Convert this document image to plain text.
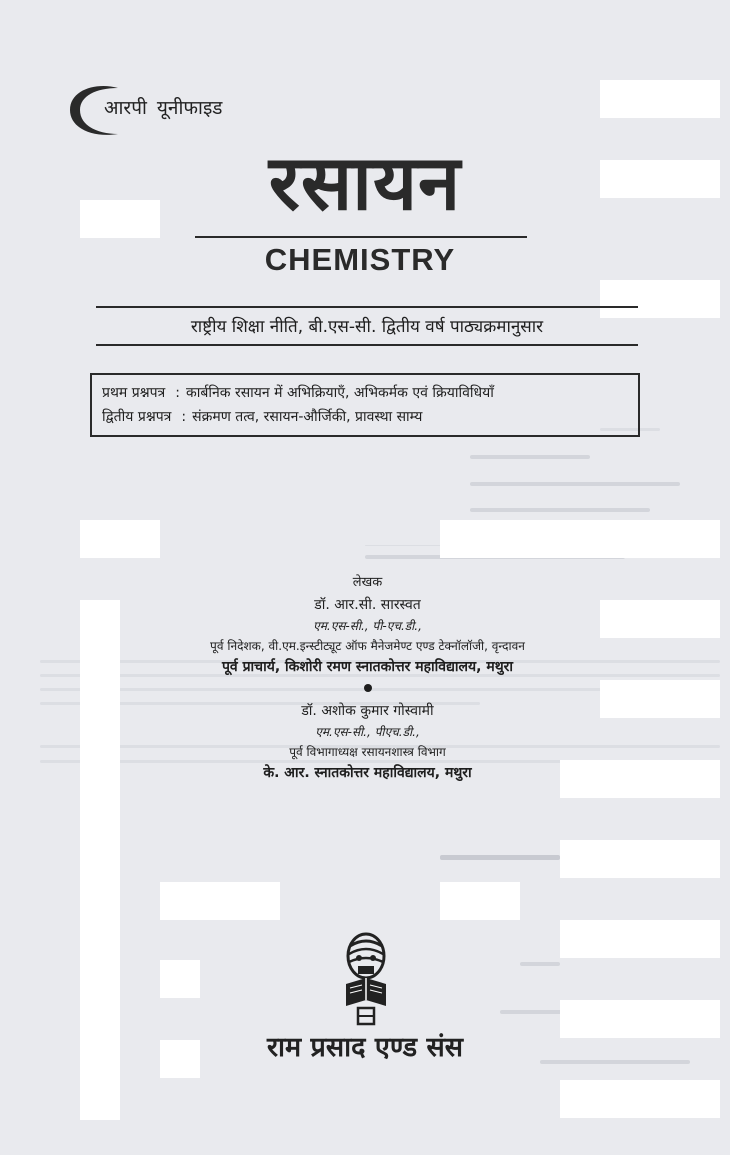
आरपी यूनीफाइड
रसायन
CHEMISTRY
राष्ट्रीय शिक्षा नीति, बी.एस-सी. द्वितीय वर्ष पाठ्यक्रमानुसार
प्रथम प्रश्नपत्र : कार्बनिक रसायन में अभिक्रियाएँ, अभिकर्मक एवं क्रियाविधियाँ
द्वितीय प्रश्नपत्र : संक्रमण तत्व, रसायन-और्जिकी, प्रावस्था साम्य
लेखक
डॉ. आर.सी. सारस्वत
एम.एस-सी., पी-एच.डी.,
पूर्व निदेशक, वी.एम.इन्स्टीट्यूट ऑफ मैनेजमेण्ट एण्ड टेक्नॉलॉजी, वृन्दावन
पूर्व प्राचार्य, किशोरी रमण स्नातकोत्तर महाविद्यालय, मथुरा
डॉ. अशोक कुमार गोस्वामी
एम.एस-सी., पीएच.डी.,
पूर्व विभागाध्यक्ष रसायनशास्त्र विभाग
के. आर. स्नातकोत्तर महाविद्यालय, मथुरा
राम प्रसाद एण्ड संस
